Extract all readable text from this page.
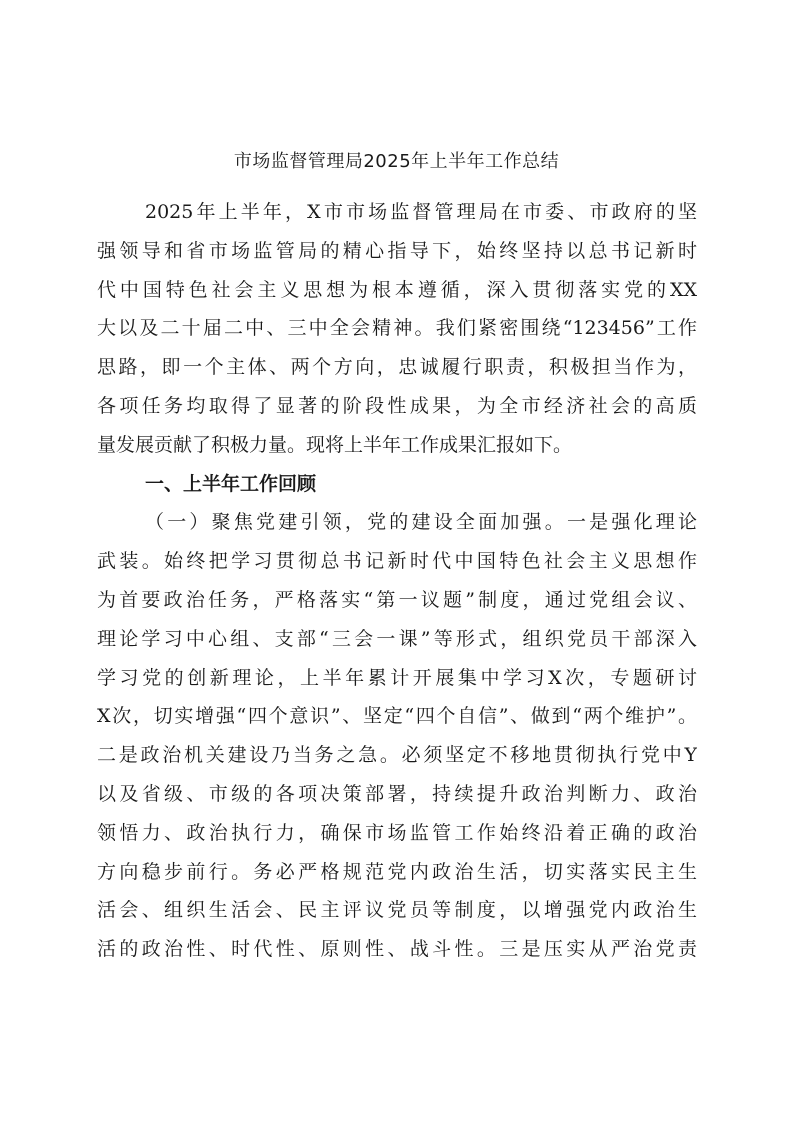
市场监督管理局2025年上半年工作总结
2025年上半年，X市市场监督管理局在市委、市政府的坚
强领导和省市场监管局的精心指导下，始终坚持以总书记新时
代中国特色社会主义思想为根本遵循，深入贯彻落实党的XX
大以及二十届二中、三中全会精神。我们紧密围绕“123456”工作
思路，即一个主体、两个方向，忠诚履行职责，积极担当作为，
各项任务均取得了显著的阶段性成果，为全市经济社会的高质
量发展贡献了积极力量。现将上半年工作成果汇报如下。
一、上半年工作回顾
（一）聚焦党建引领，党的建设全面加强。一是强化理论
武装。始终把学习贯彻总书记新时代中国特色社会主义思想作
为首要政治任务，严格落实“第一议题”制度，通过党组会议、
理论学习中心组、支部“三会一课”等形式，组织党员干部深入
学习党的创新理论，上半年累计开展集中学习X次，专题研讨
X次，切实增强“四个意识”、坚定“四个自信”、做到“两个维护”。
二是政治机关建设乃当务之急。必须坚定不移地贯彻执行党中Y
以及省级、市级的各项决策部署，持续提升政治判断力、政治
领悟力、政治执行力，确保市场监管工作始终沿着正确的政治
方向稳步前行。务必严格规范党内政治生活，切实落实民主生
活会、组织生活会、民主评议党员等制度，以增强党内政治生
活的政治性、时代性、原则性、战斗性。三是压实从严治党责
